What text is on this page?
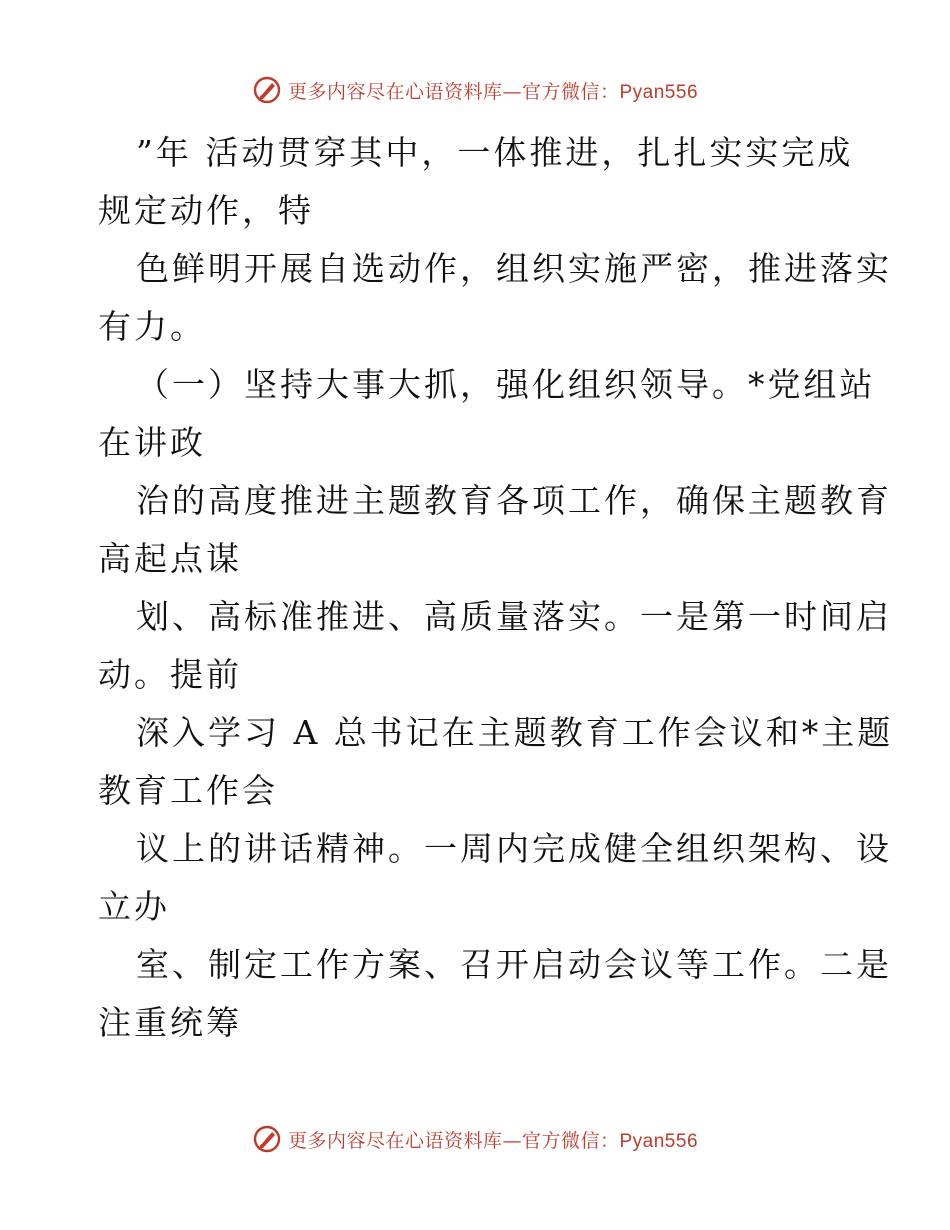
更多内容尽在心语资料库—官方微信：Pyan556
”年 活动贯穿其中，一体推进，扎扎实实完成
规定动作，特
色鲜明开展自选动作，组织实施严密，推进落实
有力。
（一）坚持大事大抓，强化组织领导。*党组站
在讲政
治的高度推进主题教育各项工作，确保主题教育
高起点谋
划、高标准推进、高质量落实。一是第一时间启
动。提前
深入学习 A 总书记在主题教育工作会议和*主题
教育工作会
议上的讲话精神。一周内完成健全组织架构、设
立办
室、制定工作方案、召开启动会议等工作。二是
注重统筹
更多内容尽在心语资料库—官方微信：Pyan556
